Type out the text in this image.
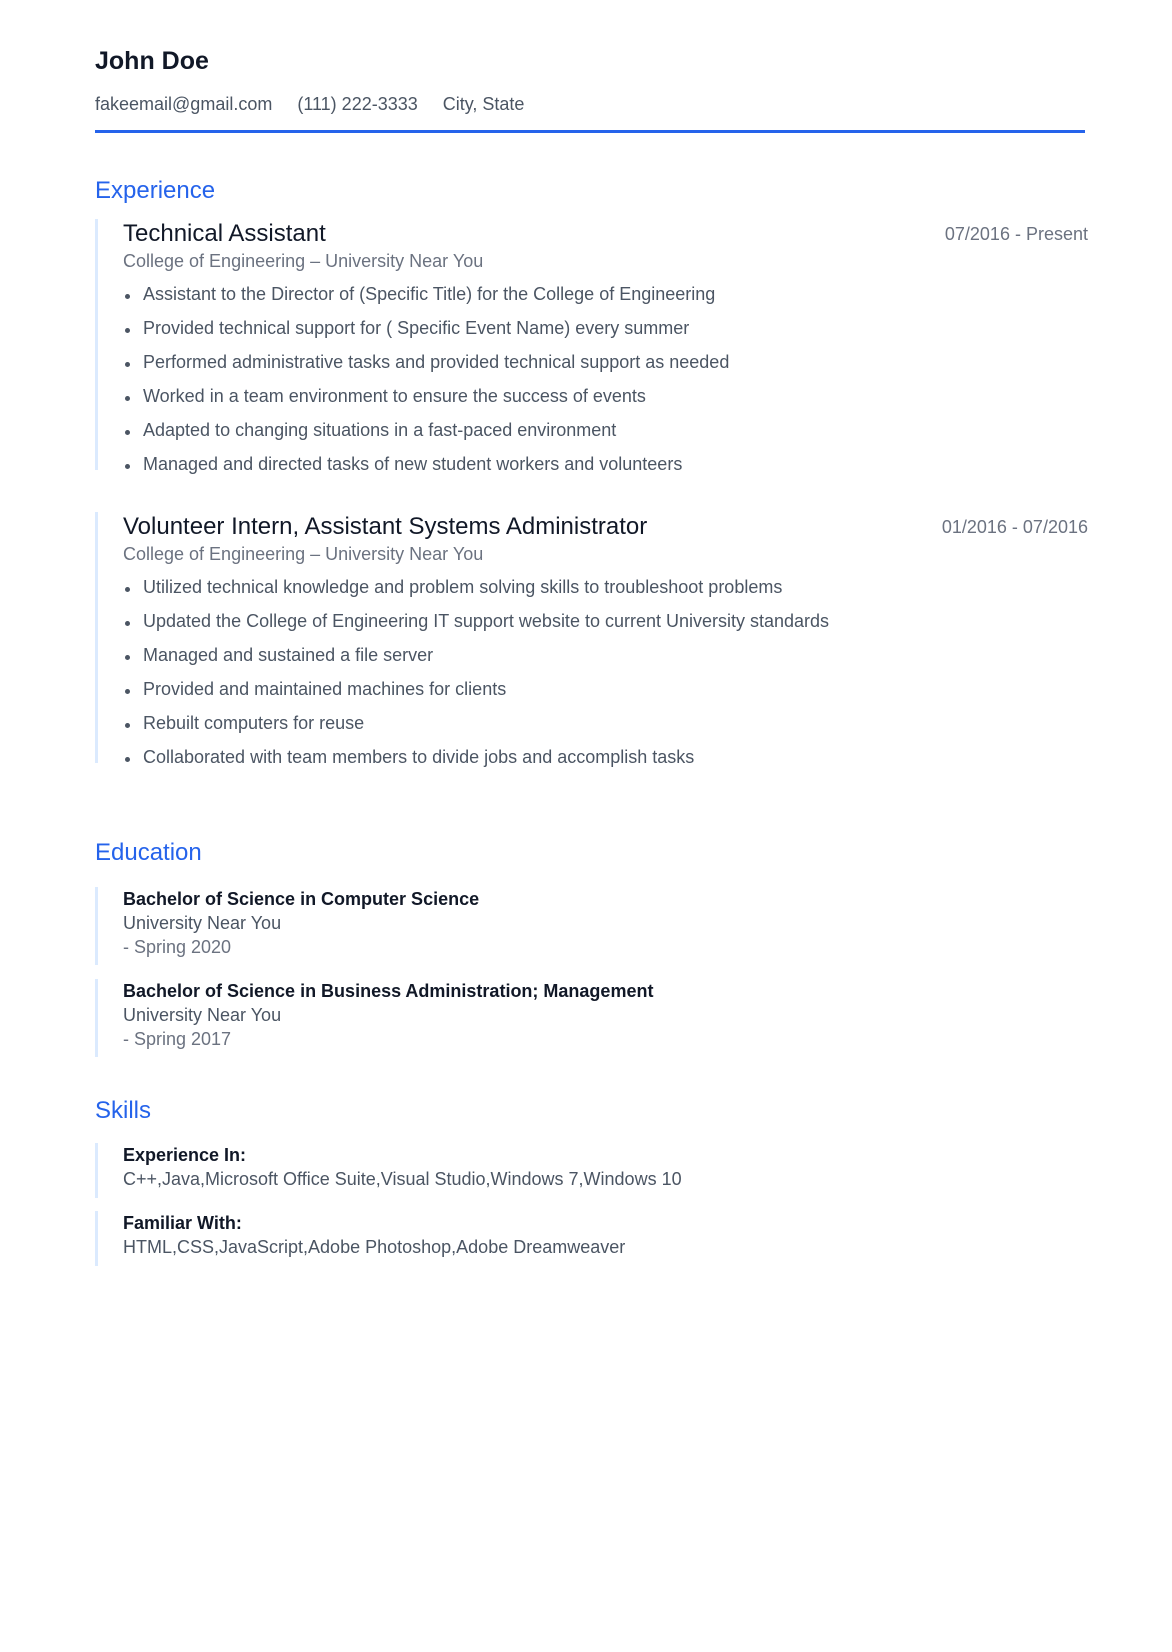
John Doe
fakeemail@gmail.com (111) 222-3333 City, State
Experience
Technical Assistant	07/2016 - Present
College of Engineering – University Near You
Assistant to the Director of (Specific Title) for the College of Engineering
Provided technical support for ( Specific Event Name) every summer
Performed administrative tasks and provided technical support as needed
Worked in a team environment to ensure the success of events
Adapted to changing situations in a fast-paced environment
Managed and directed tasks of new student workers and volunteers
Volunteer Intern, Assistant Systems Administrator	01/2016 - 07/2016
College of Engineering – University Near You
Utilized technical knowledge and problem solving skills to troubleshoot problems
Updated the College of Engineering IT support website to current University standards
Managed and sustained a file server
Provided and maintained machines for clients
Rebuilt computers for reuse
Collaborated with team members to divide jobs and accomplish tasks
Education
Bachelor of Science in Computer Science
University Near You
- Spring 2020
Bachelor of Science in Business Administration; Management
University Near You
- Spring 2017
Skills
Experience In:
C++,Java,Microsoft Office Suite,Visual Studio,Windows 7,Windows 10
Familiar With:
HTML,CSS,JavaScript,Adobe Photoshop,Adobe Dreamweaver
